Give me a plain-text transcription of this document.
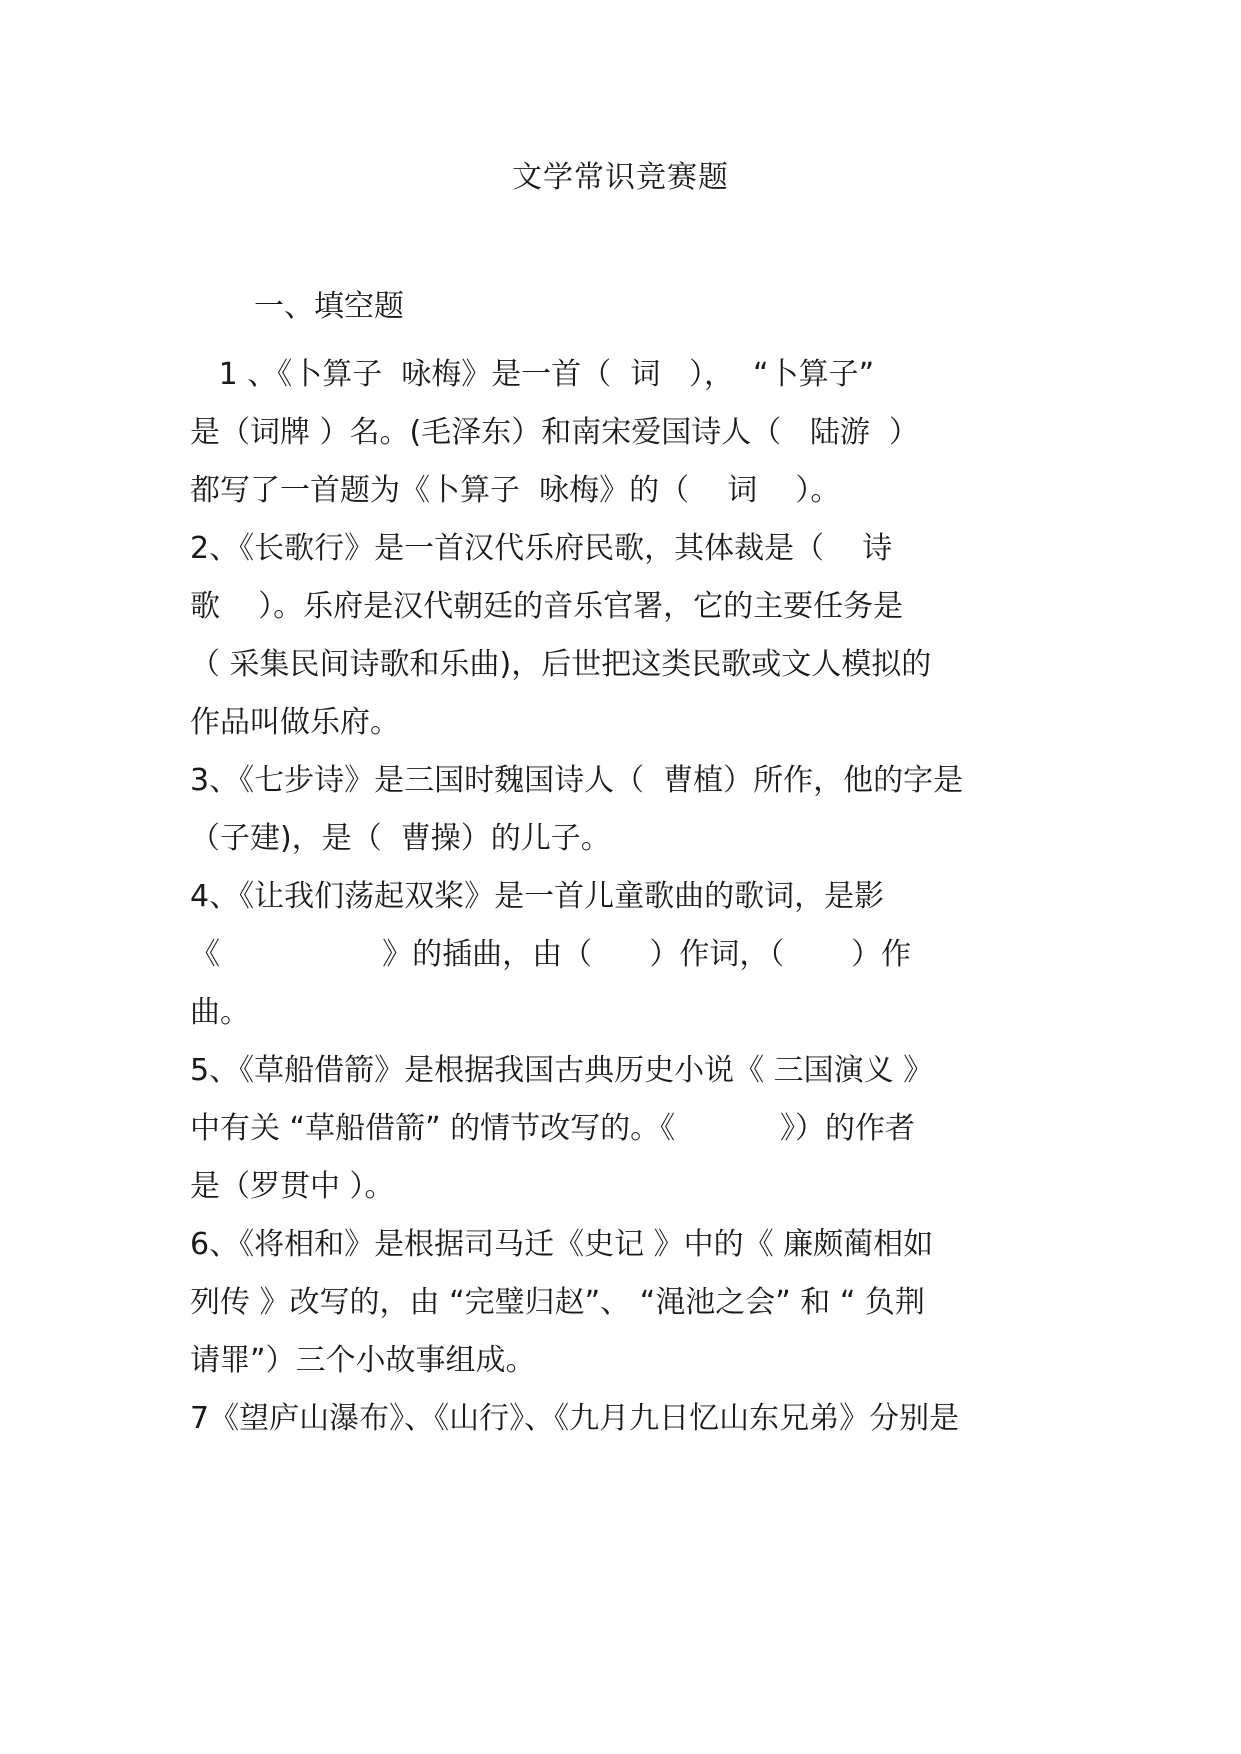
文学常识竞赛题
一、填空题
1 、《卜算子  咏梅》是一首（  词   ），  “卜算子”
是（词牌 ）名。(毛泽东）和南宋爱国诗人（   陆游  ）
都写了一首题为《卜算子  咏梅》的（    词    ）。
2、《长歌行》是一首汉代乐府民歌，其体裁是（    诗
歌    ）。乐府是汉代朝廷的音乐官署，它的主要任务是
（ 采集民间诗歌和乐曲)，后世把这类民歌或文人模拟的
作品叫做乐府。
3、《七步诗》是三国时魏国诗人（  曹植）所作，他的字是
（子建)，是（  曹操）的儿子。
4、《让我们荡起双桨》是一首儿童歌曲的歌词，是影
《                 》的插曲，由（      ）作词，（       ）作
曲。
5、《草船借箭》是根据我国古典历史小说《 三国演义 》
中有关 “草船借箭” 的情节改写的。《           》）的作者
是（罗贯中 ）。
6、《将相和》是根据司马迁《史记 》中的《 廉颇蔺相如
列传 》改写的，由 “完璧归赵”、 “渑池之会” 和 “ 负荆
请罪”）三个小故事组成。
7《望庐山瀑布》、《山行》、《九月九日忆山东兄弟》分别是
